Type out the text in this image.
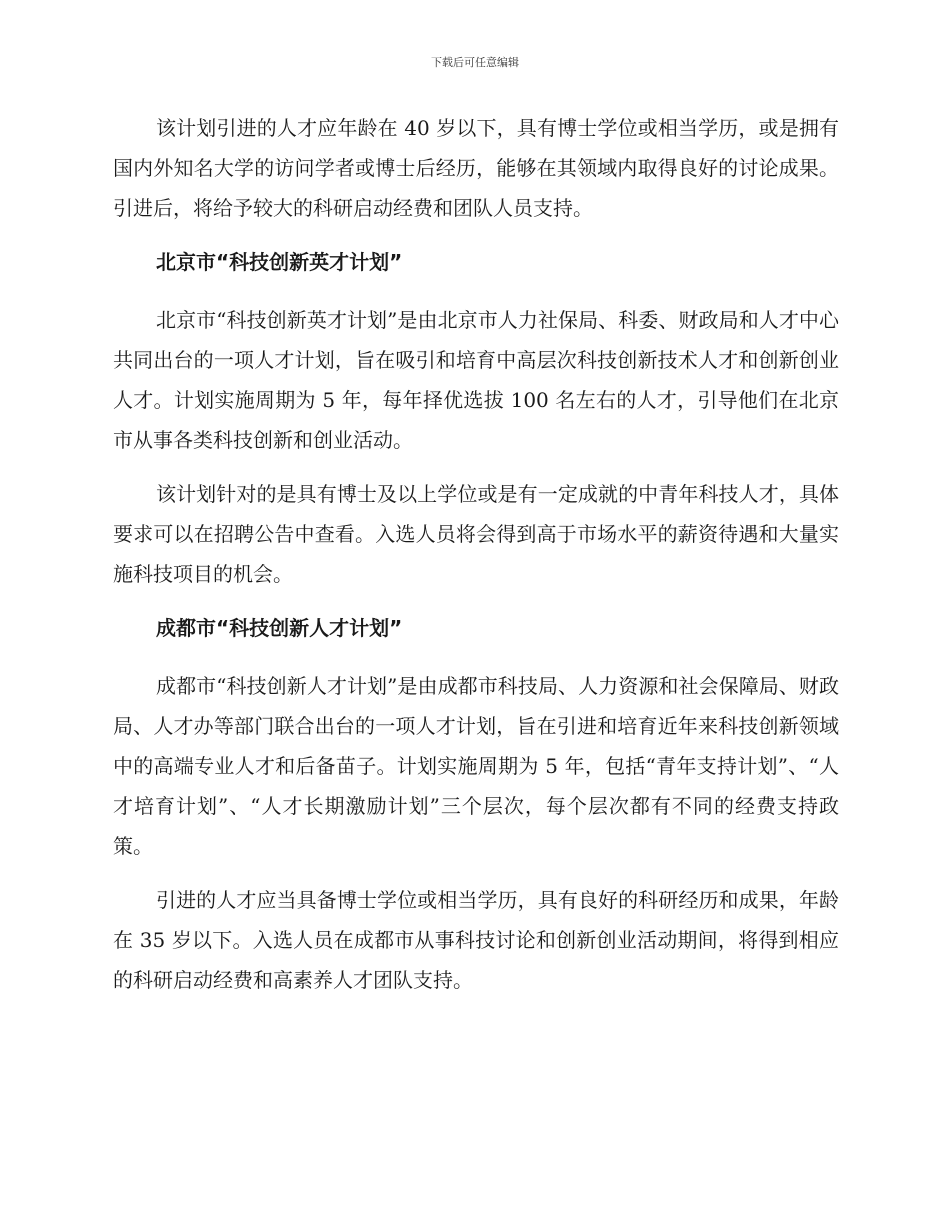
下载后可任意编辑

该计划引进的人才应年龄在 40 岁以下，具有博士学位或相当学历，或是拥有国内外知名大学的访问学者或博士后经历，能够在其领域内取得良好的讨论成果。引进后，将给予较大的科研启动经费和团队人员支持。

北京市“科技创新英才计划”

北京市“科技创新英才计划”是由北京市人力社保局、科委、财政局和人才中心共同出台的一项人才计划，旨在吸引和培育中高层次科技创新技术人才和创新创业人才。计划实施周期为 5 年，每年择优选拔 100 名左右的人才，引导他们在北京市从事各类科技创新和创业活动。

该计划针对的是具有博士及以上学位或是有一定成就的中青年科技人才，具体要求可以在招聘公告中查看。入选人员将会得到高于市场水平的薪资待遇和大量实施科技项目的机会。

成都市“科技创新人才计划”

成都市“科技创新人才计划”是由成都市科技局、人力资源和社会保障局、财政局、人才办等部门联合出台的一项人才计划，旨在引进和培育近年来科技创新领域中的高端专业人才和后备苗子。计划实施周期为 5 年，包括“青年支持计划”、“人才培育计划”、“人才长期激励计划”三个层次，每个层次都有不同的经费支持政策。

引进的人才应当具备博士学位或相当学历，具有良好的科研经历和成果，年龄在 35 岁以下。入选人员在成都市从事科技讨论和创新创业活动期间，将得到相应的科研启动经费和高素养人才团队支持。
